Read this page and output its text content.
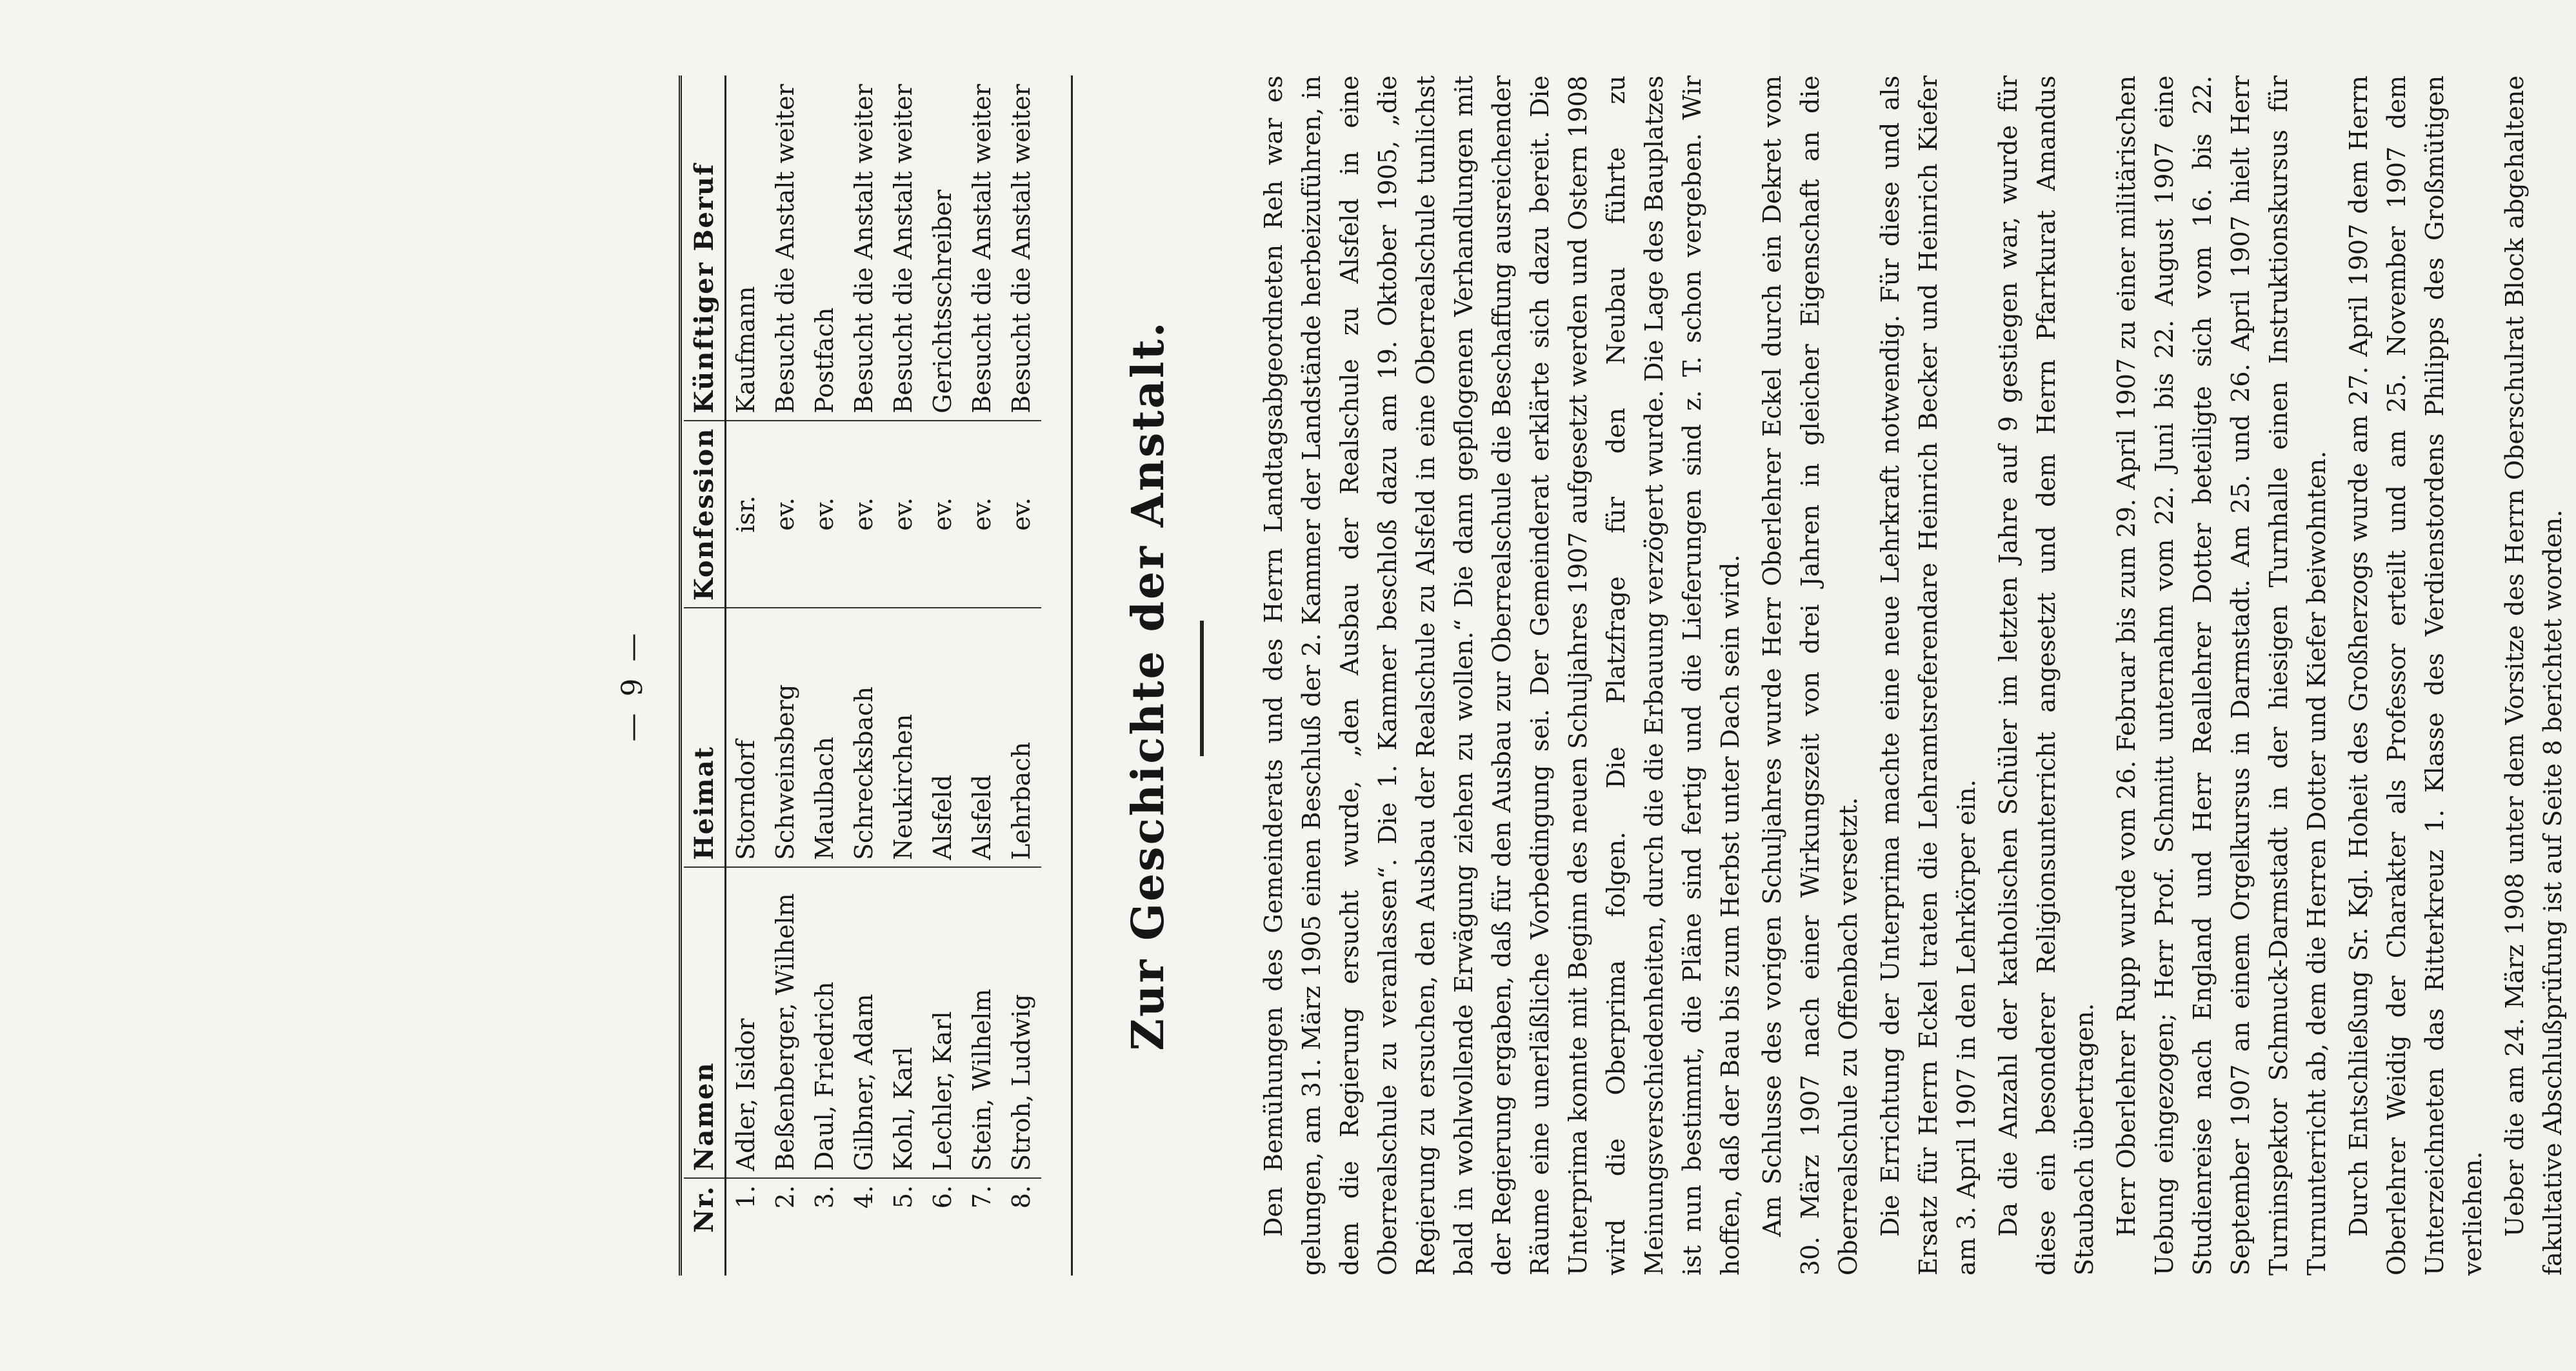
— 9 —
Nr.	Namen	Heimat	Konfession	Künftiger Beruf
1.	Adler, Isidor	Storndorf	isr.	Kaufmann
2.	Beßenberger, Wilhelm	Schweinsberg	ev.	Besucht die Anstalt weiter
3.	Daul, Friedrich	Maulbach	ev.	Postfach
4.	Gilbner, Adam	Schrecksbach	ev.	Besucht die Anstalt weiter
5.	Kohl, Karl	Neukirchen	ev.	Besucht die Anstalt weiter
6.	Lechler, Karl	Alsfeld	ev.	Gerichtsschreiber
7.	Stein, Wilhelm	Alsfeld	ev.	Besucht die Anstalt weiter
8.	Stroh, Ludwig	Lehrbach	ev.	Besucht die Anstalt weiter
Zur Geschichte der Anstalt.	Den Bemühungen des Gemeinderats und des Herrn Landtagsabgeordneten Reh war es gelungen, am 31. März 1905 einen Beschluß der 2. Kammer der Landstände herbeizuführen, in dem die Regierung ersucht wurde, „den Ausbau der Realschule zu Alsfeld in eine Oberrealschule zu veranlassen“. Die 1. Kammer beschloß dazu am 19. Oktober 1905, „die Regierung zu ersuchen, den Ausbau der Realschule zu Alsfeld in eine Oberrealschule tunlichst bald in wohlwollende Erwägung ziehen zu wollen.“ Die dann gepflogenen Verhandlungen mit der Regierung ergaben, daß für den Ausbau zur Oberrealschule die Beschaffung ausreichender Räume eine unerläßliche Vorbedingung sei. Der Gemeinderat erklärte sich dazu bereit. Die Unterprima konnte mit Beginn des neuen Schuljahres 1907 aufgesetzt werden und Ostern 1908 wird die Oberprima folgen. Die Platzfrage für den Neubau führte zu Meinungsverschiedenheiten, durch die die Erbauung verzögert wurde. Die Lage des Bauplatzes ist nun bestimmt, die Pläne sind fertig und die Lieferungen sind z. T. schon vergeben. Wir hoffen, daß der Bau bis zum Herbst unter Dach sein wird. Am Schlusse des vorigen Schuljahres wurde Herr Oberlehrer Eckel durch ein Dekret vom 30. März 1907 nach einer Wirkungszeit von drei Jahren in gleicher Eigenschaft an die Oberrealschule zu Offenbach versetzt. Die Errichtung der Unterprima machte eine neue Lehrkraft notwendig. Für diese und als Ersatz für Herrn Eckel traten die Lehramtsreferendare Heinrich Becker und Heinrich Kiefer am 3. April 1907 in den Lehrkörper ein. Da die Anzahl der katholischen Schüler im letzten Jahre auf 9 gestiegen war, wurde für diese ein besonderer Religionsunterricht angesetzt und dem Herrn Pfarrkurat Amandus Staubach übertragen. Herr Oberlehrer Rupp wurde vom 26. Februar bis zum 29. April 1907 zu einer militärischen Uebung eingezogen; Herr Prof. Schmitt unternahm vom 22. Juni bis 22. August 1907 eine Studienreise nach England und Herr Reallehrer Dotter beteiligte sich vom 16. bis 22. September 1907 an einem Orgelkursus in Darmstadt. Am 25. und 26. April 1907 hielt Herr Turninspektor Schmuck-Darmstadt in der hiesigen Turnhalle einen Instruktionskursus für Turnunterricht ab, dem die Herren Dotter und Kiefer beiwohnten. Durch Entschließung Sr. Kgl. Hoheit des Großherzogs wurde am 27. April 1907 dem Herrn Oberlehrer Weidig der Charakter als Professor erteilt und am 25. November 1907 dem Unterzeichneten das Ritterkreuz 1. Klasse des Verdienstordens Philipps des Großmütigen verliehen. Ueber die am 24. März 1908 unter dem Vorsitze des Herrn Oberschulrat Block abgehaltene fakultative Abschlußprüfung ist auf Seite 8 berichtet worden.
